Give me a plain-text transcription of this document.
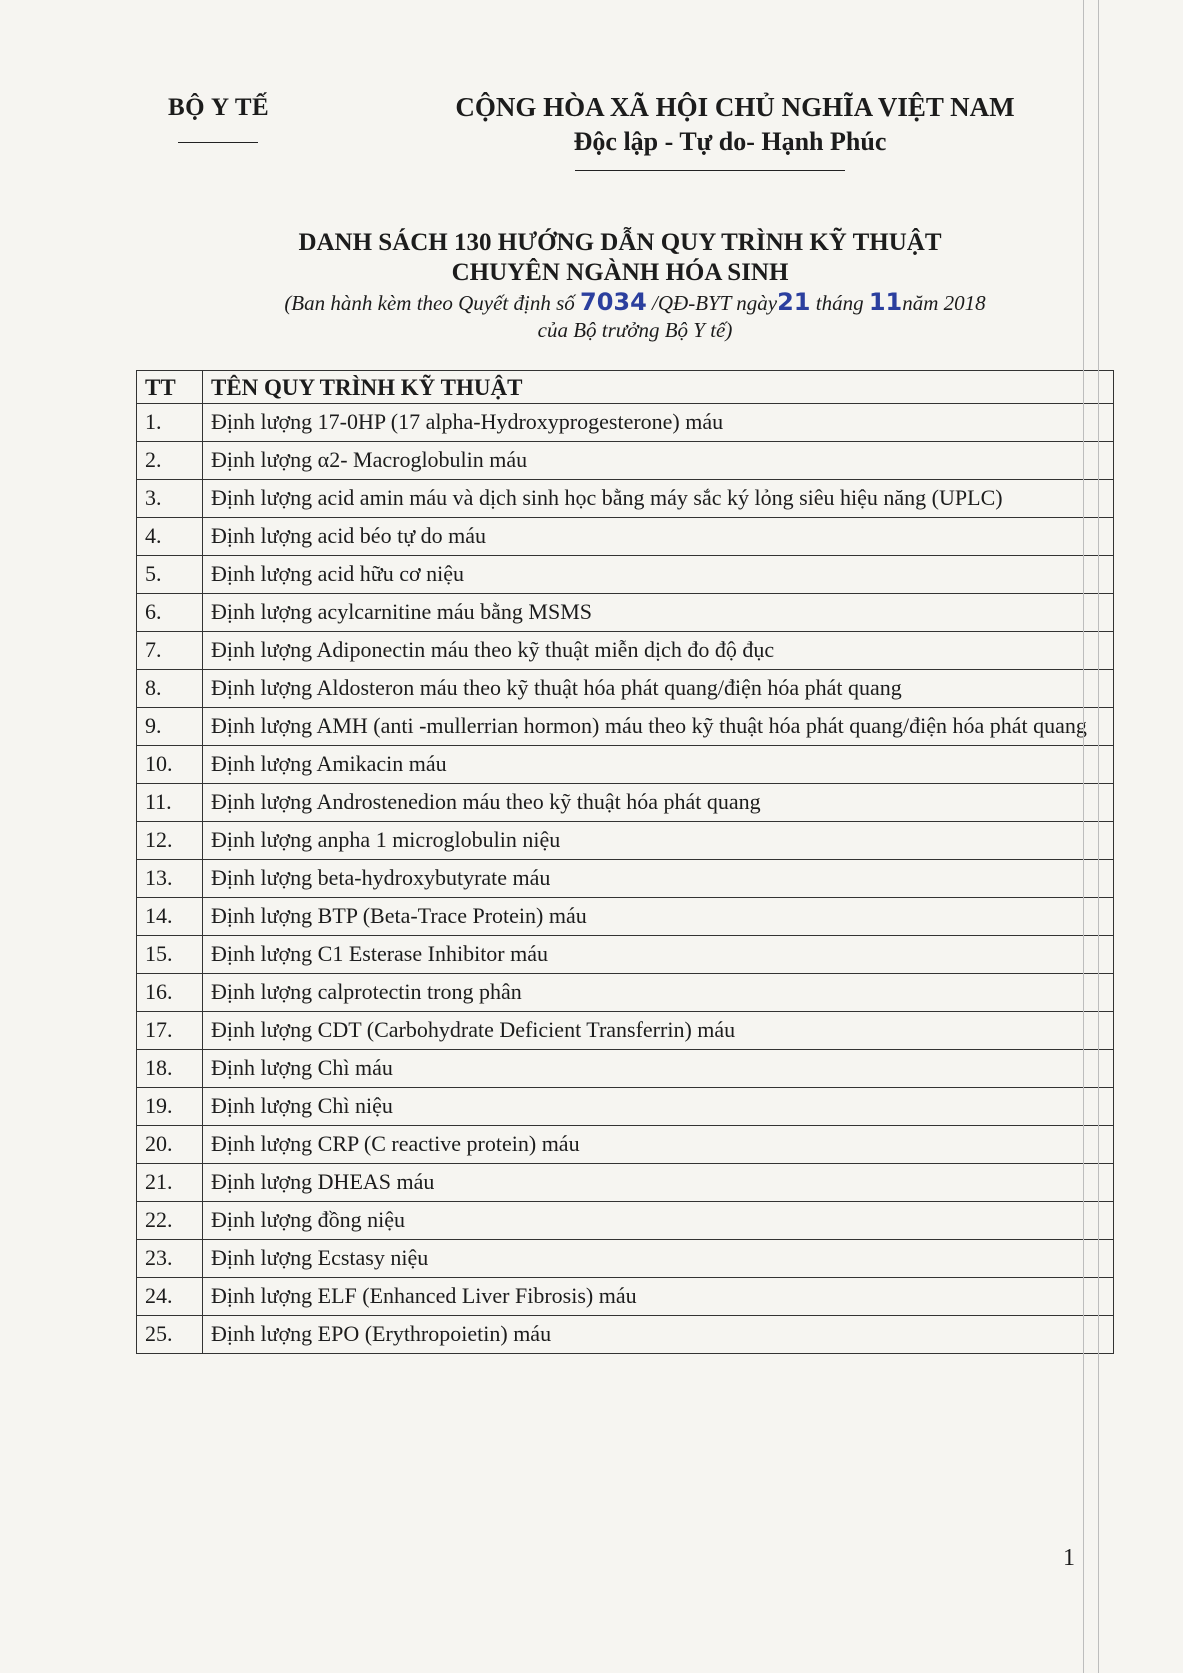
BỘ Y TẾ	CỘNG HÒA XÃ HỘI CHỦ NGHĨA VIỆT NAM
Độc lập - Tự do- Hạnh Phúc
DANH SÁCH 130 HƯỚNG DẪN QUY TRÌNH KỸ THUẬT
CHUYÊN NGÀNH HÓA SINH
(Ban hành kèm theo Quyết định số 7034 /QĐ-BYT ngày21 tháng 11năm 2018
của Bộ trưởng Bộ Y tế)
TT	TÊN QUY TRÌNH KỸ THUẬT
1.	Định lượng 17-0HP (17 alpha-Hydroxyprogesterone) máu
2.	Định lượng α2- Macroglobulin máu
3.	Định lượng acid amin máu và dịch sinh học bằng máy sắc ký lỏng siêu hiệu năng (UPLC)
4.	Định lượng acid béo tự do máu
5.	Định lượng acid hữu cơ niệu
6.	Định lượng acylcarnitine máu bằng MSMS
7.	Định lượng Adiponectin máu theo kỹ thuật miễn dịch đo độ đục
8.	Định lượng Aldosteron máu theo kỹ thuật hóa phát quang/điện hóa phát quang
9.	Định lượng AMH (anti -mullerrian hormon) máu theo kỹ thuật hóa phát quang/điện hóa phát quang
10.	Định lượng Amikacin máu
11.	Định lượng Androstenedion máu theo kỹ thuật hóa phát quang
12.	Định lượng anpha 1 microglobulin niệu
13.	Định lượng beta-hydroxybutyrate máu
14.	Định lượng BTP (Beta-Trace Protein) máu
15.	Định lượng C1 Esterase Inhibitor máu
16.	Định lượng calprotectin trong phân
17.	Định lượng CDT (Carbohydrate Deficient Transferrin) máu
18.	Định lượng Chì máu
19.	Định lượng Chì niệu
20.	Định lượng CRP (C reactive protein) máu
21.	Định lượng DHEAS máu
22.	Định lượng đồng niệu
23.	Định lượng Ecstasy niệu
24.	Định lượng ELF (Enhanced Liver Fibrosis) máu
25.	Định lượng EPO (Erythropoietin) máu
1
